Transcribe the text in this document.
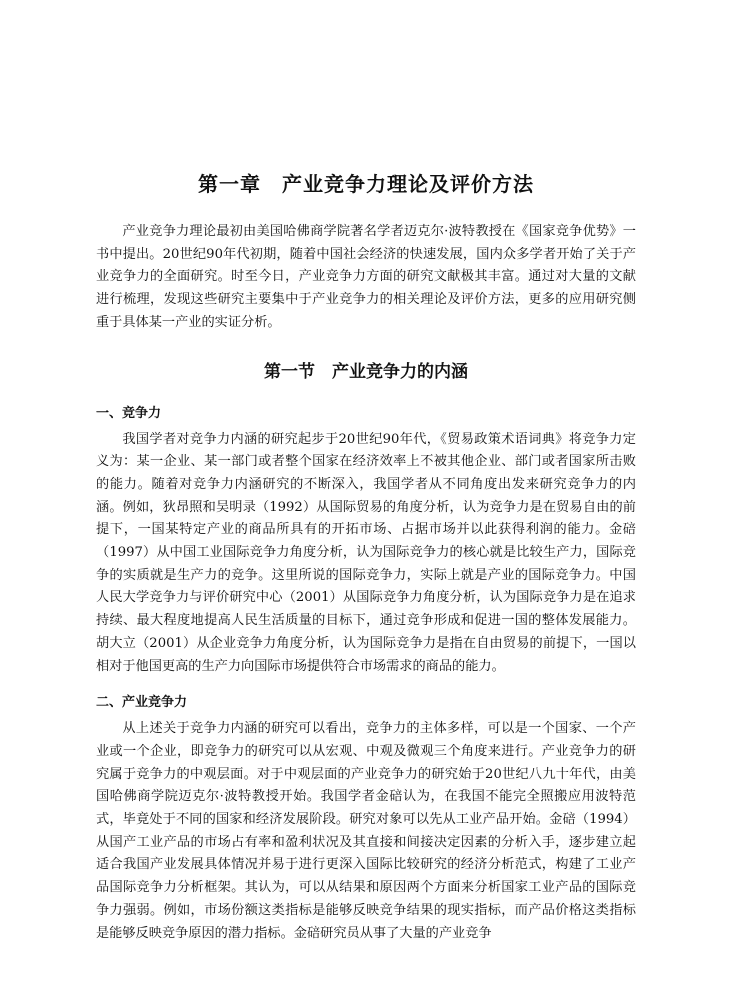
第一章　产业竞争力理论及评价方法

产业竞争力理论最初由美国哈佛商学院著名学者迈克尔·波特教授在《国家竞争优势》一书中提出。20世纪90年代初期，随着中国社会经济的快速发展，国内众多学者开始了关于产业竞争力的全面研究。时至今日，产业竞争力方面的研究文献极其丰富。通过对大量的文献进行梳理，发现这些研究主要集中于产业竞争力的相关理论及评价方法，更多的应用研究侧重于具体某一产业的实证分析。

第一节　产业竞争力的内涵
一、竞争力

我国学者对竞争力内涵的研究起步于20世纪90年代，《贸易政策术语词典》将竞争力定义为：某一企业、某一部门或者整个国家在经济效率上不被其他企业、部门或者国家所击败的能力。随着对竞争力内涵研究的不断深入，我国学者从不同角度出发来研究竞争力的内涵。例如，狄昂照和吴明录（1992）从国际贸易的角度分析，认为竞争力是在贸易自由的前提下，一国某特定产业的商品所具有的开拓市场、占据市场并以此获得利润的能力。金碚（1997）从中国工业国际竞争力角度分析，认为国际竞争力的核心就是比较生产力，国际竞争的实质就是生产力的竞争。这里所说的国际竞争力，实际上就是产业的国际竞争力。中国人民大学竞争力与评价研究中心（2001）从国际竞争力角度分析，认为国际竞争力是在追求持续、最大程度地提高人民生活质量的目标下，通过竞争形成和促进一国的整体发展能力。胡大立（2001）从企业竞争力角度分析，认为国际竞争力是指在自由贸易的前提下，一国以相对于他国更高的生产力向国际市场提供符合市场需求的商品的能力。

二、产业竞争力

从上述关于竞争力内涵的研究可以看出，竞争力的主体多样，可以是一个国家、一个产业或一个企业，即竞争力的研究可以从宏观、中观及微观三个角度来进行。产业竞争力的研究属于竞争力的中观层面。对于中观层面的产业竞争力的研究始于20世纪八九十年代，由美国哈佛商学院迈克尔·波特教授开始。我国学者金碚认为，在我国不能完全照搬应用波特范式，毕竟处于不同的国家和经济发展阶段。研究对象可以先从工业产品开始。金碚（1994）从国产工业产品的市场占有率和盈利状况及其直接和间接决定因素的分析入手，逐步建立起适合我国产业发展具体情况并易于进行更深入国际比较研究的经济分析范式，构建了工业产品国际竞争力分析框架。其认为，可以从结果和原因两个方面来分析国家工业产品的国际竞争力强弱。例如，市场份额这类指标是能够反映竞争结果的现实指标，而产品价格这类指标是能够反映竞争原因的潜力指标。金碚研究员从事了大量的产业竞争
